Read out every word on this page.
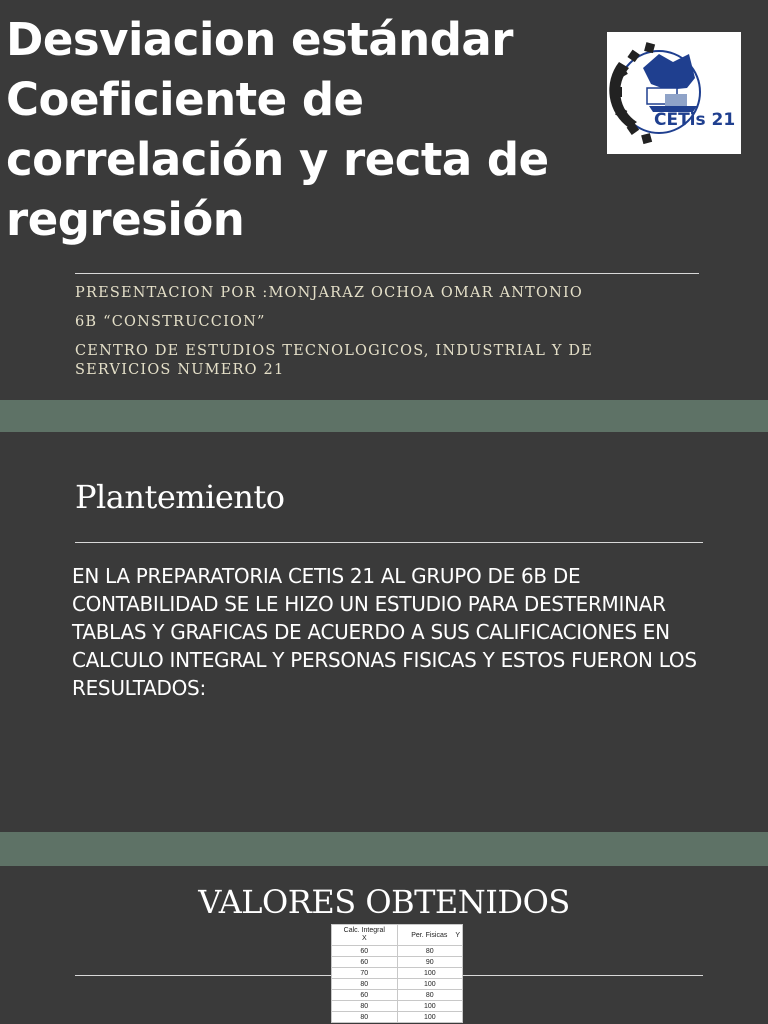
Desviacion estándar
Coeficiente de
correlación y recta de
regresión
CETis 21

PRESENTACION POR :MONJARAZ OCHOA OMAR ANTONIO

6B “CONSTRUCCION”

CENTRO DE ESTUDIOS TECNOLOGICOS, INDUSTRIAL Y DE

SERVICIOS NUMERO 21

Plantemiento

EN LA PREPARATORIA CETIS 21 AL GRUPO DE 6B DE CONTABILIDAD SE LE HIZO UN ESTUDIO PARA DESTERMINAR TABLAS Y GRAFICAS DE ACUERDO A SUS CALIFICACIONES EN CALCULO INTEGRAL Y PERSONAS FISICAS Y ESTOS FUERON LOS RESULTADOS:

VALORES OBTENIDOS
Calc. Integral
X	Per. Fisicas Y
60	80
60	90
70	100
80	100
60	80
80	100
80	100
